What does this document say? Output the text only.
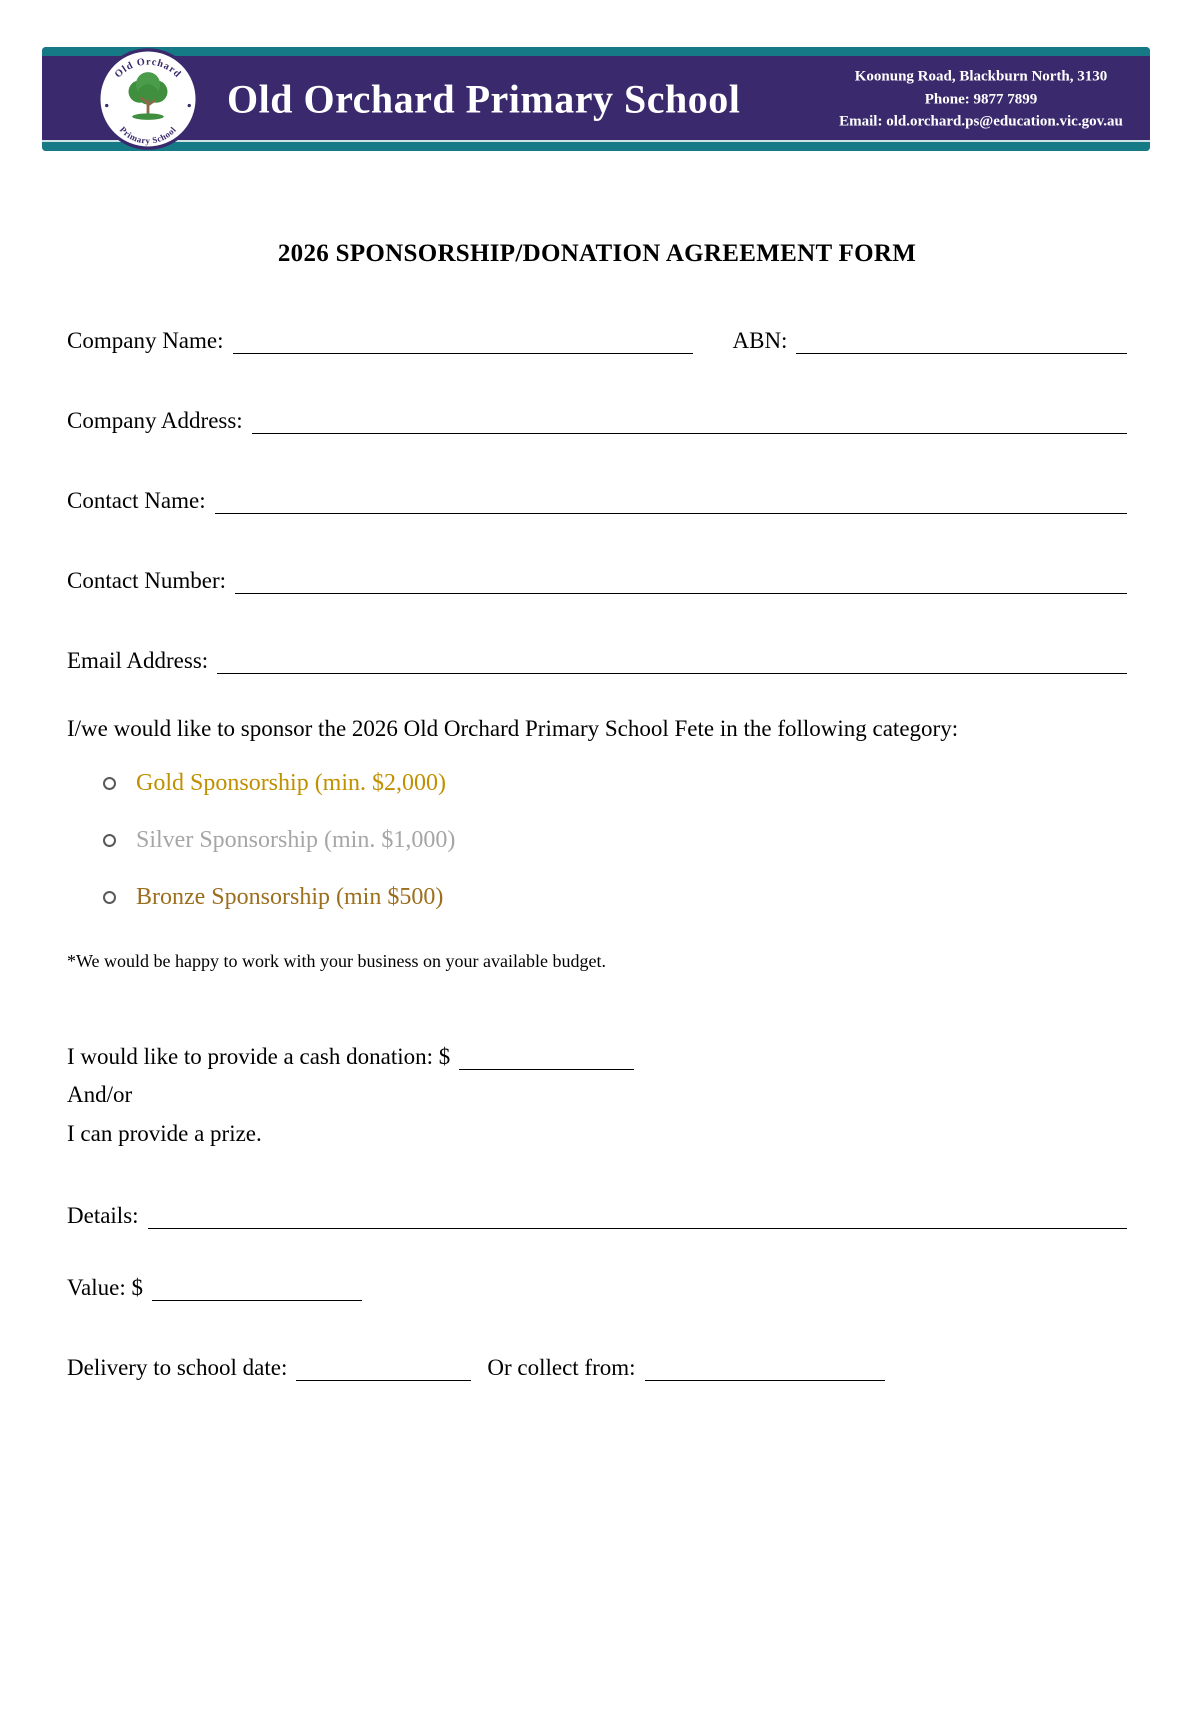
Old Orchard
Primary School
Old Orchard Primary School
Koonung Road, Blackburn North, 3130
Phone: 9877 7899
Email: old.orchard.ps@education.vic.gov.au
2026 SPONSORSHIP/DONATION AGREEMENT FORM
Company Name:	ABN:
Company Address:
Contact Name:
Contact Number:
Email Address:
I/we would like to sponsor the 2026 Old Orchard Primary School Fete in the following category:
Gold Sponsorship (min. $2,000)
Silver Sponsorship (min. $1,000)
Bronze Sponsorship (min $500)
*We would be happy to work with your business on your available budget.
I would like to provide a cash donation: $
And/or
I can provide a prize.
Details:
Value: $
Delivery to school date:	Or collect from:
